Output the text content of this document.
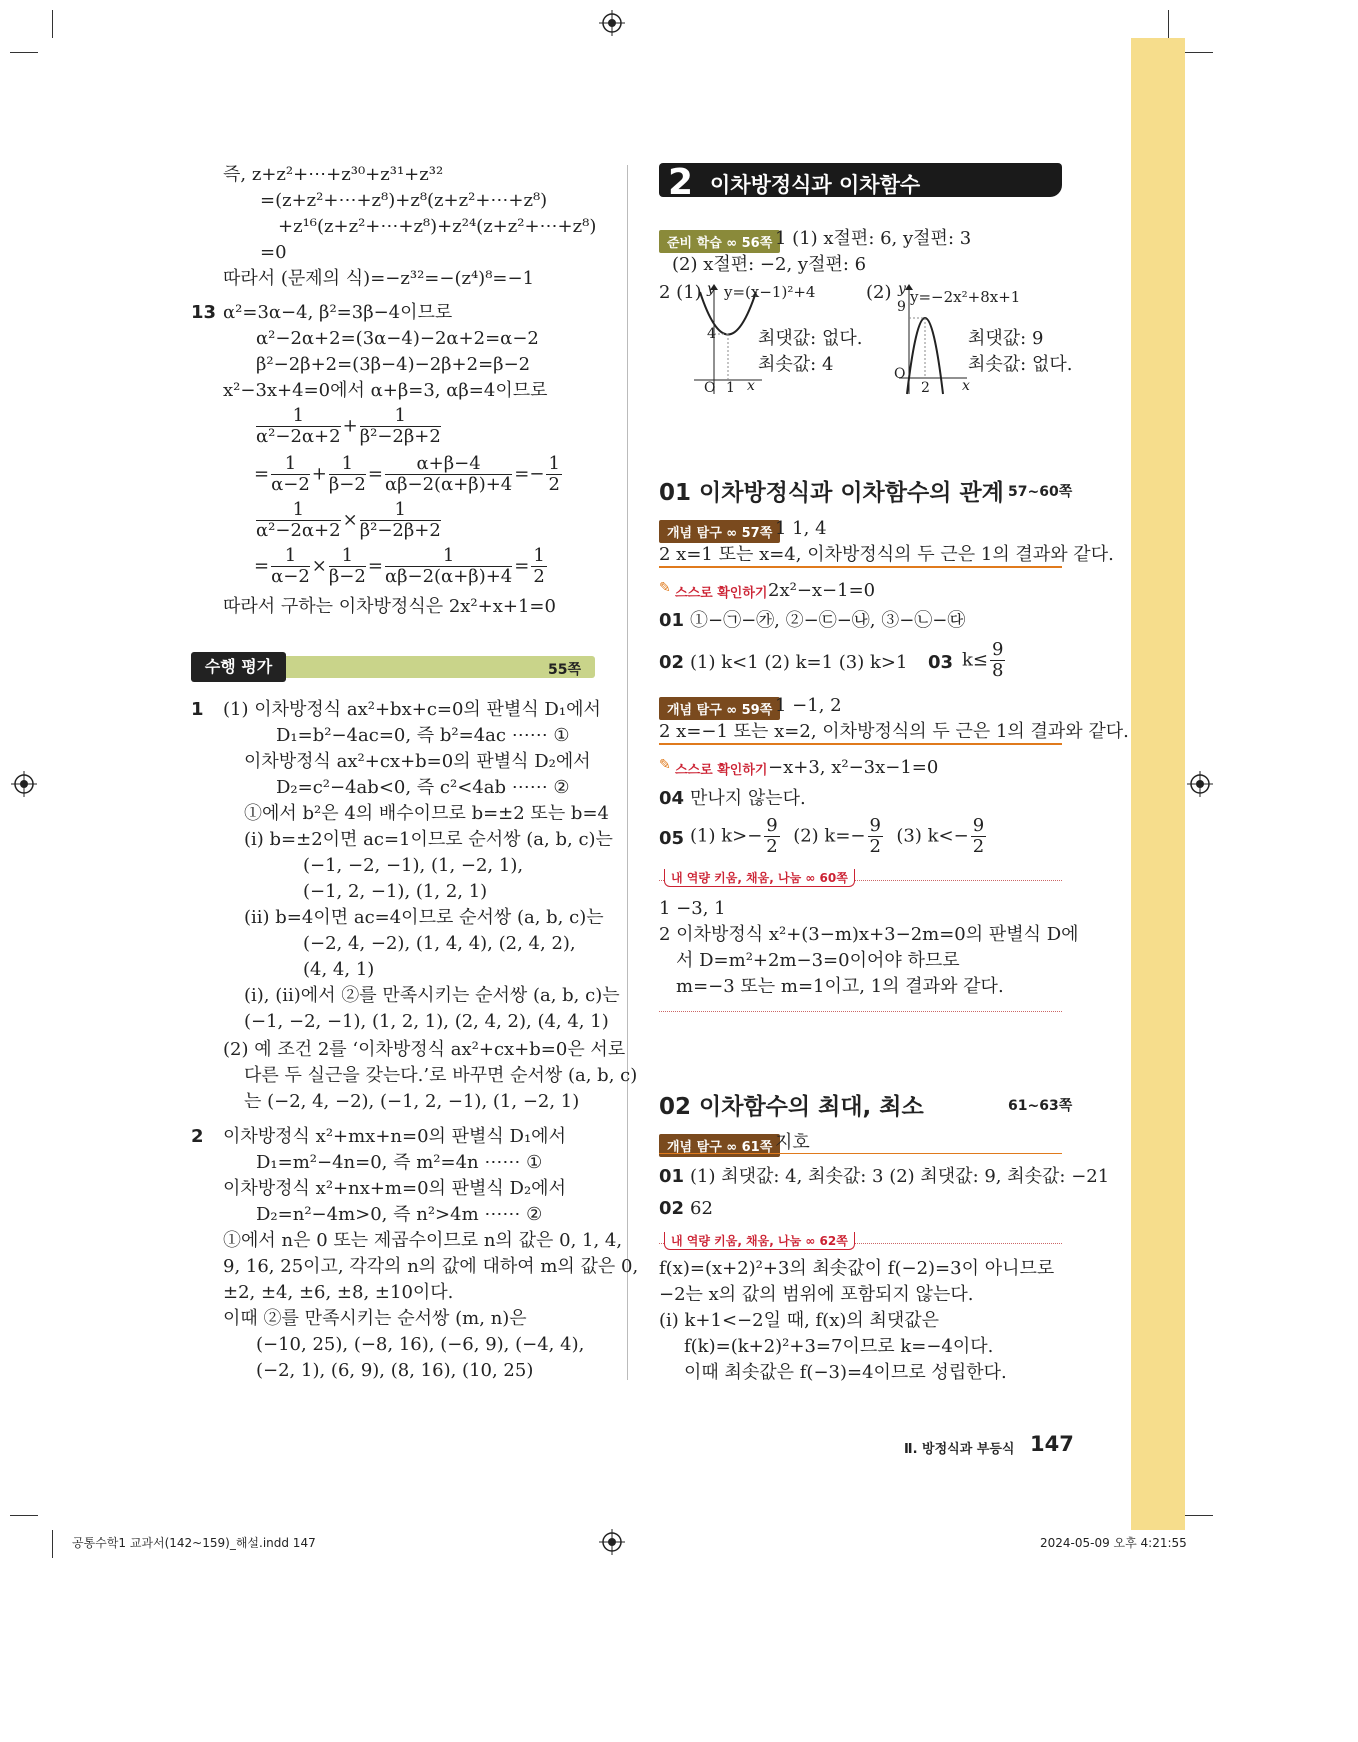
즉, z+z²+⋯+z³⁰+z³¹+z³²
=(z+z²+⋯+z⁸)+z⁸(z+z²+⋯+z⁸)
+z¹⁶(z+z²+⋯+z⁸)+z²⁴(z+z²+⋯+z⁸)
=0
따라서 (문제의 식)=−z³²=−(z⁴)⁸=−1
13 α²=3α−4, β²=3β−4이므로
α²−2α+2=(3α−4)−2α+2=α−2
β²−2β+2=(3β−4)−2β+2=β−2
x²−3x+4=0에서 α+β=3, αβ=4이므로
$\frac{1}{\text{α²−2α+2}} + \frac{1}{\text{β²−2β+2}}$
= $\frac{1}{\alpha-2} + \frac{1}{\beta-2} = \frac{\alpha+\beta-4}{\alpha\beta-2(\alpha+\beta)+4} =- \frac{1}{2}$
$\frac{1}{\text{α²−2α+2}} \times \frac{1}{\text{β²−2β+2}}$
= $\frac{1}{\alpha-2} \times \frac{1}{\beta-2} = \frac{1}{\alpha\beta-2(\alpha+\beta)+4} = \frac{1}{2}$
따라서 구하는 이차방정식은 2x²+x+1=0
수행 평가	55쪽
1 (1) 이차방정식 ax²+bx+c=0의 판별식 D₁에서
D₁=b²−4ac=0, 즉 b²=4ac ⋯⋯ ①
이차방정식 ax²+cx+b=0의 판별식 D₂에서
D₂=c²−4ab<0, 즉 c²<4ab ⋯⋯ ②
①에서 b²은 4의 배수이므로 b=±2 또는 b=4
(ⅰ) b=±2이면 ac=1이므로 순서쌍 (a, b, c)는
(−1, −2, −1), (1, −2, 1),
(−1, 2, −1), (1, 2, 1)
(ⅱ) b=4이면 ac=4이므로 순서쌍 (a, b, c)는
(−2, 4, −2), (1, 4, 4), (2, 4, 2),
(4, 4, 1)
(ⅰ), (ⅱ)에서 ②를 만족시키는 순서쌍 (a, b, c)는
(−1, −2, −1), (1, 2, 1), (2, 4, 2), (4, 4, 1)
(2) 예 조건 2를 ‘이차방정식 ax²+cx+b=0은 서로
다른 두 실근을 갖는다.’로 바꾸면 순서쌍 (a, b, c)
는 (−2, 4, −2), (−1, 2, −1), (1, −2, 1)
2 이차방정식 x²+mx+n=0의 판별식 D₁에서
D₁=m²−4n=0, 즉 m²=4n ⋯⋯ ①
이차방정식 x²+nx+m=0의 판별식 D₂에서
D₂=n²−4m>0, 즉 n²>4m ⋯⋯ ②
①에서 n은 0 또는 제곱수이므로 n의 값은 0, 1, 4,
9, 16, 25이고, 각각의 n의 값에 대하여 m의 값은 0,
±2, ±4, ±6, ±8, ±10이다.
이때 ②를 만족시키는 순서쌍 (m, n)은
(−10, 25), (−8, 16), (−6, 9), (−4, 4),
(−2, 1), (6, 9), (8, 16), (10, 25)
2 이차방정식과 이차함수
준비 학습 ∞ 56쪽 1 (1) x절편: 6, y절편: 3
(2) x절편: −2, y절편: 6
2 (1)	(2)
y=(x−1)²+4
y
4
O 1 x
최댓값: 없다.
최솟값: 4
y=−2x²+8x+1
y
9
O
2 x
최댓값: 9
최솟값: 없다.
01 이차방정식과 이차함수의 관계 57~60쪽
개념 탐구 ∞ 57쪽 1 1, 4
2 x=1 또는 x=4, 이차방정식의 두 근은 1의 결과와 같다.
✎ 스스로 확인하기 2x²−x−1=0
01 ①−㉠−㉮, ②−㉢−㉯, ③−㉡−㉰
02 (1) k<1 (2) k=1 (3) k>1 03 $k\le \frac{9}{8}$
개념 탐구 ∞ 59쪽 1 −1, 2
2 x=−1 또는 x=2, 이차방정식의 두 근은 1의 결과와 같다.
✎ 스스로 확인하기 −x+3, x²−3x−1=0
04 만나지 않는다.
05 (1) $k>- \frac{9}{2} (2)$ $k=- \frac{9}{2} (3)$ $k<- \frac{9}{2}$
내 역량 키움, 채움, 나눔 ∞ 60쪽
1 −3, 1
2 이차방정식 x²+(3−m)x+3−2m=0의 판별식 D에
서 D=m²+2m−3=0이어야 하므로
m=−3 또는 m=1이고, 1의 결과와 같다.
02 이차함수의 최대, 최소	61~63쪽
개념 탐구 ∞ 61쪽 지호
01 (1) 최댓값: 4, 최솟값: 3 (2) 최댓값: 9, 최솟값: −21
02 62
내 역량 키움, 채움, 나눔 ∞ 62쪽
f(x)=(x+2)²+3의 최솟값이 f(−2)=3이 아니므로
−2는 x의 값의 범위에 포함되지 않는다.
(ⅰ) k+1<−2일 때, f(x)의 최댓값은
f(k)=(k+2)²+3=7이므로 k=−4이다.
이때 최솟값은 f(−3)=4이므로 성립한다.
Ⅱ. 방정식과 부등식 147
공통수학1 교과서(142~159)_해설.indd 147	2024-05-09 오후 4:21:55
